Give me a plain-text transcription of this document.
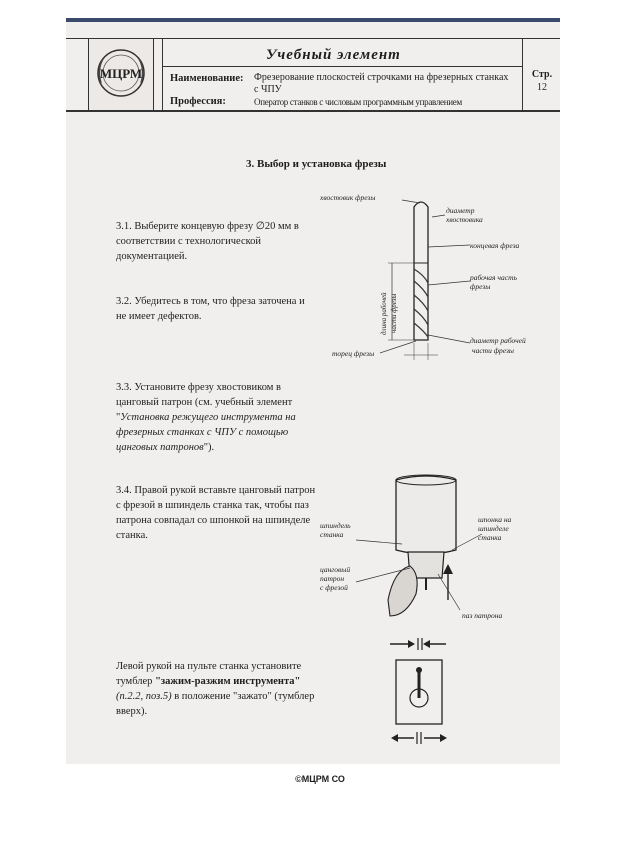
МЦРМ
Учебный элемент
Наименование: Фрезерование плоскостей строчками на фрезерных станках с ЧПУ
Профессия:	Оператор станков с числовым программным управлением
Стр.
12
3. Выбор и установка фрезы
3.1. Выберите концевую фрезу ∅20 мм в соответствии с технологической документацией.
3.2. Убедитесь в том, что фреза заточена и не имеет дефектов.
3.3. Установите фрезу хвостовиком в цанговый патрон (см. учебный элемент "Установка режущего инструмента на фрезерных станках с ЧПУ с помощью цанговых патронов").
3.4. Правой рукой вставьте цанговый патрон с фрезой в шпиндель станка так, чтобы паз патрона совпадал со шпонкой на шпинделе станка.
Левой рукой на пульте станка установите тумблер "зажим-разжим инструмента" (п.2.2, поз.5) в положение "зажато" (тумблер вверх).
хвостовик фрезы
диаметр
хвостовика
концевая фреза
рабочая часть
фрезы
длина рабочей части фрезы
диаметр рабочей
части фрезы
торец фрезы
шпиндель
станка
шпонка на
шпинделе
станка
цанговый
патрон
с фрезой
паз патрона
©МЦРМ СО
